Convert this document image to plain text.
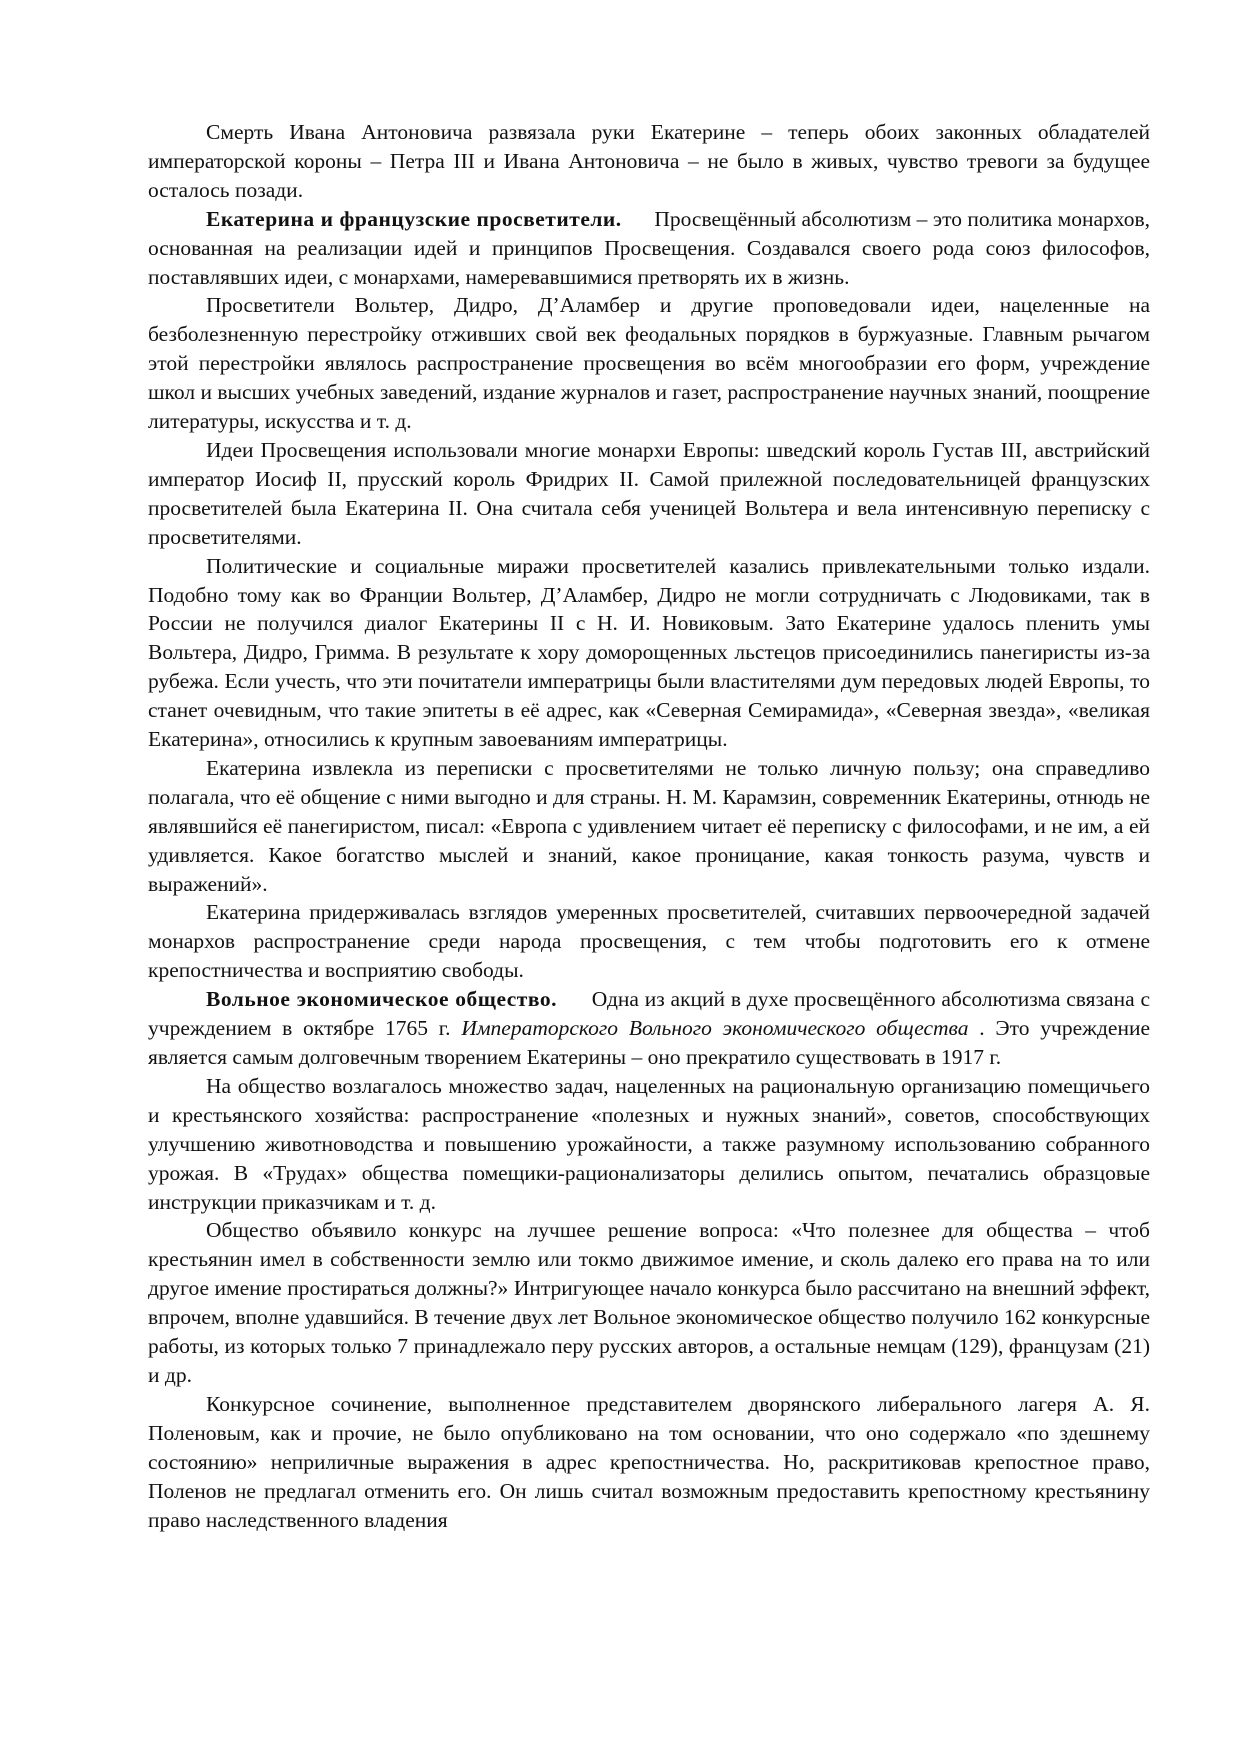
Смерть Ивана Антоновича развязала руки Екатерине – теперь обоих законных обладателей императорской короны – Петра III и Ивана Антоновича – не было в живых, чувство тревоги за будущее осталось позади.

Екатерина и французские просветители. Просвещённый абсолютизм – это политика монархов, основанная на реализации идей и принципов Просвещения. Создавался своего рода союз философов, поставлявших идеи, с монархами, намеревавшимися претворять их в жизнь.

Просветители Вольтер, Дидро, Д’Аламбер и другие проповедовали идеи, нацеленные на безболезненную перестройку отживших свой век феодальных порядков в буржуазные. Главным рычагом этой перестройки являлось распространение просвещения во всём многообразии его форм, учреждение школ и высших учебных заведений, издание журналов и газет, распространение научных знаний, поощрение литературы, искусства и т. д.

Идеи Просвещения использовали многие монархи Европы: шведский король Густав III, австрийский император Иосиф II, прусский король Фридрих II. Самой прилежной последовательницей французских просветителей была Екатерина II. Она считала себя ученицей Вольтера и вела интенсивную переписку с просветителями.

Политические и социальные миражи просветителей казались привлекательными только издали. Подобно тому как во Франции Вольтер, Д’Аламбер, Дидро не могли сотрудничать с Людовиками, так в России не получился диалог Екатерины II с Н. И. Новиковым. Зато Екатерине удалось пленить умы Вольтера, Дидро, Гримма. В результате к хору доморощенных льстецов присоединились панегиристы из-за рубежа. Если учесть, что эти почитатели императрицы были властителями дум передовых людей Европы, то станет очевидным, что такие эпитеты в её адрес, как «Северная Семирамида», «Северная звезда», «великая Екатерина», относились к крупным завоеваниям императрицы.

Екатерина извлекла из переписки с просветителями не только личную пользу; она справедливо полагала, что её общение с ними выгодно и для страны. Н. М. Карамзин, современник Екатерины, отнюдь не являвшийся её панегиристом, писал: «Европа с удивлением читает её переписку с философами, и не им, а ей удивляется. Какое богатство мыслей и знаний, какое проницание, какая тонкость разума, чувств и выражений».

Екатерина придерживалась взглядов умеренных просветителей, считавших первоочередной задачей монархов распространение среди народа просвещения, с тем чтобы подготовить его к отмене крепостничества и восприятию свободы.

Вольное экономическое общество. Одна из акций в духе просвещённого абсолютизма связана с учреждением в октябре 1765 г. Императорского Вольного экономического общества . Это учреждение является самым долговечным творением Екатерины – оно прекратило существовать в 1917 г.

На общество возлагалось множество задач, нацеленных на рациональную организацию помещичьего и крестьянского хозяйства: распространение «полезных и нужных знаний», советов, способствующих улучшению животноводства и повышению урожайности, а также разумному использованию собранного урожая. В «Трудах» общества помещики-рационализаторы делились опытом, печатались образцовые инструкции приказчикам и т. д.

Общество объявило конкурс на лучшее решение вопроса: «Что полезнее для общества – чтоб крестьянин имел в собственности землю или токмо движимое имение, и сколь далеко его права на то или другое имение простираться должны?» Интригующее начало конкурса было рассчитано на внешний эффект, впрочем, вполне удавшийся. В течение двух лет Вольное экономическое общество получило 162 конкурсные работы, из которых только 7 принадлежало перу русских авторов, а остальные немцам (129), французам (21) и др.

Конкурсное сочинение, выполненное представителем дворянского либерального лагеря А. Я. Поленовым, как и прочие, не было опубликовано на том основании, что оно содержало «по здешнему состоянию» неприличные выражения в адрес крепостничества. Но, раскритиковав крепостное право, Поленов не предлагал отменить его. Он лишь считал возможным предоставить крепостному крестьянину право наследственного владения
